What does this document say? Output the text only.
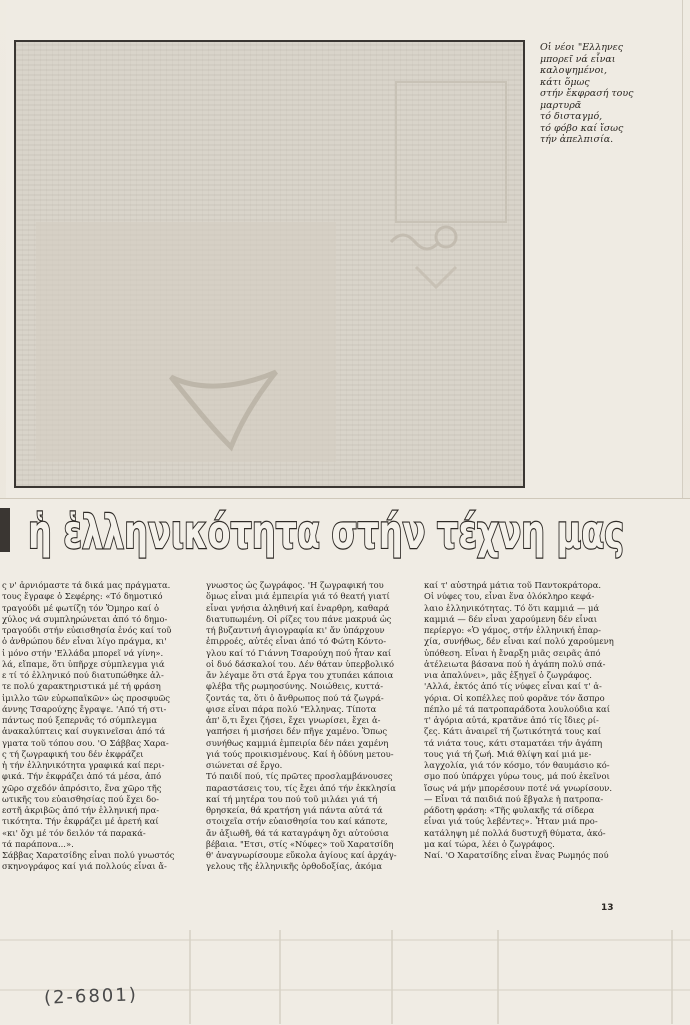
Οἱ νέοι "Ελληνες
μπορεῖ νά εἶναι
καλοψημένοι,
κάτι ὅμως
στήν ἔκφρασή τους
μαρτυρᾶ
τό δισταγμό,
τό φόβο καί ἴσως
τήν ἀπελπισία.

ἡ ἑλληνικότητα στήν τέχνη μας

ς ν' ἀρνιόμαστε τά δικά μας πράγματα.
τους ἔγραφε ὁ Σεφέρης: «Τό δημοτικό
τραγούδι μέ φωτίζη τόν Ὅμηρο καί ὁ
χύλος νά συμπληρώνεται ἀπό τό δημο-
τραγούδι στήν εὐαισθησία ἑνός καί τοῦ
ὁ ἀνθρώπου δέν εἶναι λίγο πράγμα, κι'
ἰ μόνο στήν 'Ελλάδα μπορεῖ νά γίνη».
λά, εἴπαμε, ὅτι ὑπῆρχε σύμπλεγμα γιά
ε τί τό ἑλληνικό πού διατυπώθηκε ἀλ-
τε πολύ χαρακτηριστικά μέ τή φράση
ἰμιλλο τῶν εὐρωπαϊκῶν» ὡς προσφυῶς
άννης Τσαρούχης ἔγραψε. 'Από τή στι-
πάντως πού ξεπερνᾶς τό σύμπλεγμα
ἀνακαλύπτεις καί συγκινεῖσαι ἀπό τά
γματα τοῦ τόπου σου. 'Ο Σάββας Χαρα-
ς τή ζωγραφική του δέν ἐκφράζει
ἡ τήν ἑλληνικότητα γραφικά καί περι-
φικά. Τήν ἐκφράζει ἀπό τά μέσα, ἀπό
χῶρο σχεδόν ἀπρόσιτο, ἕνα χῶρο τῆς
ωτικῆς του εὐαισθησίας πού ἔχει δο-
εστῆ ἀκριβῶς ἀπό τήν ἑλληνική πρα-
τικότητα. Τήν ἐκφράζει μέ ἀρετή καί
«κι' ὄχι μέ τόν δειλόν τά παρακά-
τά παράπονα...».
Σάββας Χαρατσίδης εἶναι πολύ γνωστός
σκηνογράφος καί γιά πολλούς εἶναι ἄ-

γνωστος ὡς ζωγράφος. 'Η ζωγραφική του
ὅμως εἶναι μιά ἐμπειρία γιά τό θεατή γιατί
εἶναι γνήσια ἀληθινή καί ἐναρθρη, καθαρά
διατυπωμένη. Οἱ ρίζες του πάνε μακρυά ὡς
τή βυζαντινή ἁγιογραφία κι' ἄν ὑπάρχουν
ἐπιρροές, αὐτές εἶναι ἀπό τό Φώτη Κόντο-
γλου καί τό Γιάννη Τσαρούχη πού ἦταν καί
οἱ δυό δάσκαλοί του. Δέν θάταν ὑπερβολικό
ἄν λέγαμε ὅτι στά ἔργα του χτυπάει κάποια
φλέβα τῆς ρωμηοσύνης. Νοιώθεις, κυττά-
ζοντάς τα, ὅτι ὁ ἄνθρωπος πού τά ζωγρά-
φισε εἶναι πάρα πολύ "Ελληνας. Τίποτα
ἀπ' ὅ,τι ἔχει ζήσει, ἔχει γνωρίσει, ἔχει ἀ-
γαπήσει ή μισήσει δέν πῆγε χαμένο. Ὅπως
συνήθως καμμιά ἐμπειρία δέν πάει χαμένη
γιά τούς προικισμένους. Καί ἡ ὀδύνη μετου-
σιώνεται σέ ἔργο.
Τό παιδί πού, τίς πρῶτες προσλαμβάνουσες
παραστάσεις του, τίς ἔχει ἀπό τήν ἐκκλησία
καί τή μητέρα του πού τοῦ μιλάει γιά τή
θρησκεία, θά κρατήση γιά πάντα αὐτά τά
στοιχεῖα στήν εὐαισθησία του καί κάποτε,
ἄν ἀξιωθῆ, θά τά καταγράψη ὄχι αὐτούσια
βέβαια. "Ετσι, στίς «Νύφες» τοῦ Χαρατσίδη
θ' ἀναγνωρίσουμε εὔκολα ἁγίους καί ἀρχάγ-
γελους τῆς ἑλληνικῆς ὀρθοδοξίας, ἀκόμα

καί τ' αὐστηρά μάτια τοῦ Παντοκράτορα.
Οἱ νύφες του, εἶναι ἕνα ὁλόκληρο κεφά-
λαιο ἑλληνικότητας. Τό ὅτι καμμιά — μά
καμμιά — δέν εἶναι χαρούμενη δέν εἶναι
περίεργο: «Ὁ γάμος, στήν ἑλληνική ἐπαρ-
χία, συνήθως, δέν εἶναι καί πολύ χαρούμενη
ὑπόθεση. Εἶναι ἡ ἔναρξη μιᾶς σειρᾶς ἀπό
ἀτέλειωτα βάσανα πού ἡ ἀγάπη πολύ σπά-
νια ἀπαλύνει», μᾶς ἐξηγεῖ ὁ ζωγράφος.
'Αλλά, ἐκτός ἀπό τίς νύφες εἶναι καί τ' ἀ-
γόρια. Οἱ κοπέλλες πού φορᾶνε τόν ἄσπρο
πέπλο μέ τά πατροπαράδοτα λουλούδια καί
τ' ἀγόρια αὐτά, κρατᾶνε ἀπό τίς ἴδιες ρί-
ζες. Κάτι ἀναιρεῖ τή ζωτικότητά τους καί
τά νιάτα τους, κάτι σταματάει τήν ἀγάπη
τους γιά τή ζωή. Μιά θλίψη καί μιά με-
λαγχολία, γιά τόν κόσμο, τόν θαυμάσιο κό-
σμο πού ὑπάρχει γύρω τους, μά πού ἐκεῖνοι
ἴσως νά μήν μπορέσουν ποτέ νά γνωρίσουν.
— Εἶναι τά παιδιά πού ἔβγαλε ἡ πατροπα-
ράδοτη φράση: «Τῆς φυλακῆς τά σίδερα
εἶναι γιά τούς λεβέντες». Ἦταν μιά προ-
κατάληψη μέ πολλά δυστυχῆ θύματα, ἀκό-
μα καί τώρα, λέει ὁ ζωγράφος.
Ναί. 'Ο Χαρατσίδης εἶναι ἕνας Ρωμηός πού

13

(2-6801)
